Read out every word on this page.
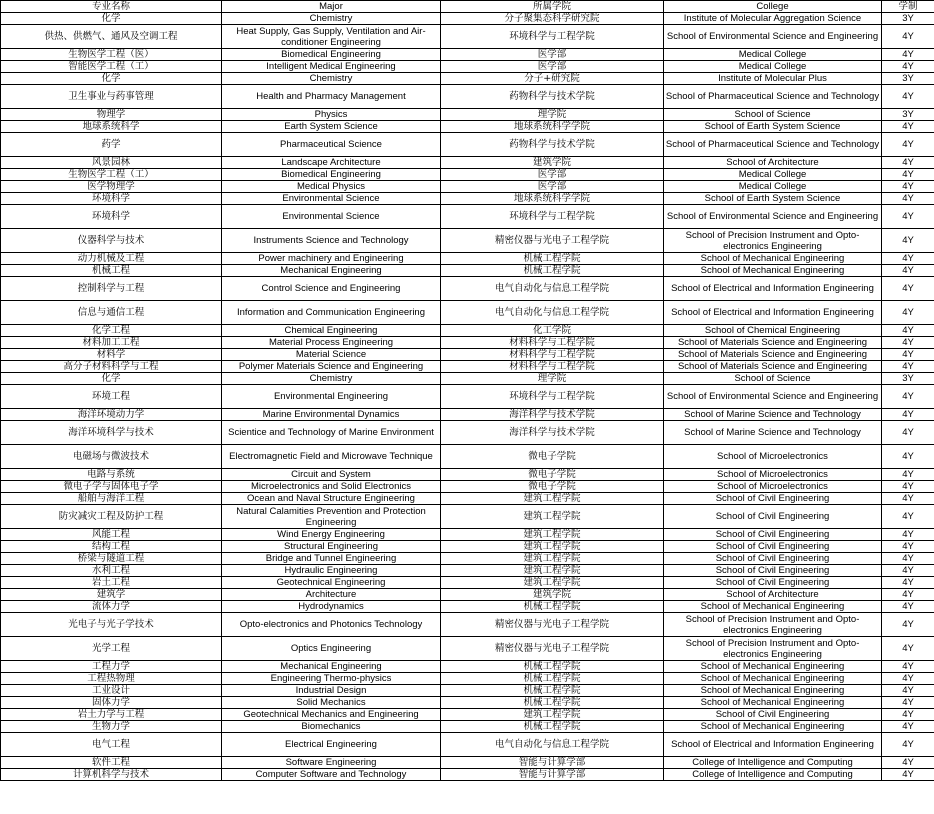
专业名称	Major	所属学院	College	学制
化学	Chemistry	分子聚集态科学研究院	Institute of Molecular Aggregation Science	3Y
供热、供燃气、通风及空调工程	Heat Supply, Gas Supply, Ventilation and Air-conditioner Engineering	环境科学与工程学院	School of Environmental Science and Engineering	4Y
生物医学工程（医）	Biomedical Engineering	医学部	Medical College	4Y
智能医学工程（工）	Intelligent Medical Engineering	医学部	Medical College	4Y
化学	Chemistry	分子+研究院	Institute of Molecular Plus	3Y
卫生事业与药事管理	Health and Pharmacy Management	药物科学与技术学院	School of Pharmaceutical Science and Technology	4Y
物理学	Physics	理学院	School of Science	3Y
地球系统科学	Earth System Science	地球系统科学学院	School of Earth System Science	4Y
药学	Pharmaceutical Science	药物科学与技术学院	School of Pharmaceutical Science and Technology	4Y
风景园林	Landscape Architecture	建筑学院	School of Architecture	4Y
生物医学工程（工）	Biomedical Engineering	医学部	Medical College	4Y
医学物理学	Medical Physics	医学部	Medical College	4Y
环境科学	Environmental Science	地球系统科学学院	School of Earth System Science	4Y
环境科学	Environmental Science	环境科学与工程学院	School of Environmental Science and Engineering	4Y
仪器科学与技术	Instruments Science and Technology	精密仪器与光电子工程学院	School of Precision Instrument and Opto-electronics Engineering	4Y
动力机械及工程	Power machinery and Engineering	机械工程学院	School of Mechanical Engineering	4Y
机械工程	Mechanical Engineering	机械工程学院	School of Mechanical Engineering	4Y
控制科学与工程	Control Science and Engineering	电气自动化与信息工程学院	School of Electrical and Information Engineering	4Y
信息与通信工程	Information and Communication Engineering	电气自动化与信息工程学院	School of Electrical and Information Engineering	4Y
化学工程	Chemical Engineering	化工学院	School of Chemical Engineering	4Y
材料加工工程	Material Process Engineering	材料科学与工程学院	School of Materials Science and Engineering	4Y
材料学	Material Science	材料科学与工程学院	School of Materials Science and Engineering	4Y
高分子材料科学与工程	Polymer Materials Science and Engineering	材料科学与工程学院	School of Materials Science and Engineering	4Y
化学	Chemistry	理学院	School of Science	3Y
环境工程	Environmental Engineering	环境科学与工程学院	School of Environmental Science and Engineering	4Y
海洋环境动力学	Marine Environmental Dynamics	海洋科学与技术学院	School of Marine Science and Technology	4Y
海洋环境科学与技术	Scientice and Technology of Marine Environment	海洋科学与技术学院	School of Marine Science and Technology	4Y
电磁场与微波技术	Electromagnetic Field and Microwave Technique	微电子学院	School of Microelectronics	4Y
电路与系统	Circuit and System	微电子学院	School of Microelectronics	4Y
微电子学与固体电子学	Microelectronics and Solid Electronics	微电子学院	School of Microelectronics	4Y
船舶与海洋工程	Ocean and Naval Structure Engineering	建筑工程学院	School of Civil Engineering	4Y
防灾减灾工程及防护工程	Natural Calamities Prevention and Protection Engineering	建筑工程学院	School of Civil Engineering	4Y
风能工程	Wind Energy Engineering	建筑工程学院	School of Civil Engineering	4Y
结构工程	Structural Engineering	建筑工程学院	School of Civil Engineering	4Y
桥梁与隧道工程	Bridge and Tunnel Engineering	建筑工程学院	School of Civil Engineering	4Y
水利工程	Hydraulic Engineering	建筑工程学院	School of Civil Engineering	4Y
岩土工程	Geotechnical Engineering	建筑工程学院	School of Civil Engineering	4Y
建筑学	Architecture	建筑学院	School of Architecture	4Y
流体力学	Hydrodynamics	机械工程学院	School of Mechanical Engineering	4Y
光电子与光子学技术	Opto-electronics and Photonics Technology	精密仪器与光电子工程学院	School of Precision Instrument and Opto-electronics Engineering	4Y
光学工程	Optics Engineering	精密仪器与光电子工程学院	School of Precision Instrument and Opto-electronics Engineering	4Y
工程力学	Mechanical Engineering	机械工程学院	School of Mechanical Engineering	4Y
工程热物理	Engineering Thermo-physics	机械工程学院	School of Mechanical Engineering	4Y
工业设计	Industrial Design	机械工程学院	School of Mechanical Engineering	4Y
固体力学	Solid Mechanics	机械工程学院	School of Mechanical Engineering	4Y
岩土力学与工程	Geotechnical Mechanics and Engineering	建筑工程学院	School of Civil Engineering	4Y
生物力学	Biomechanics	机械工程学院	School of Mechanical Engineering	4Y
电气工程	Electrical Engineering	电气自动化与信息工程学院	School of Electrical and Information Engineering	4Y
软件工程	Software Engineering	智能与计算学部	College of Intelligence and Computing	4Y
计算机科学与技术	Computer Software and Technology	智能与计算学部	College of Intelligence and Computing	4Y
